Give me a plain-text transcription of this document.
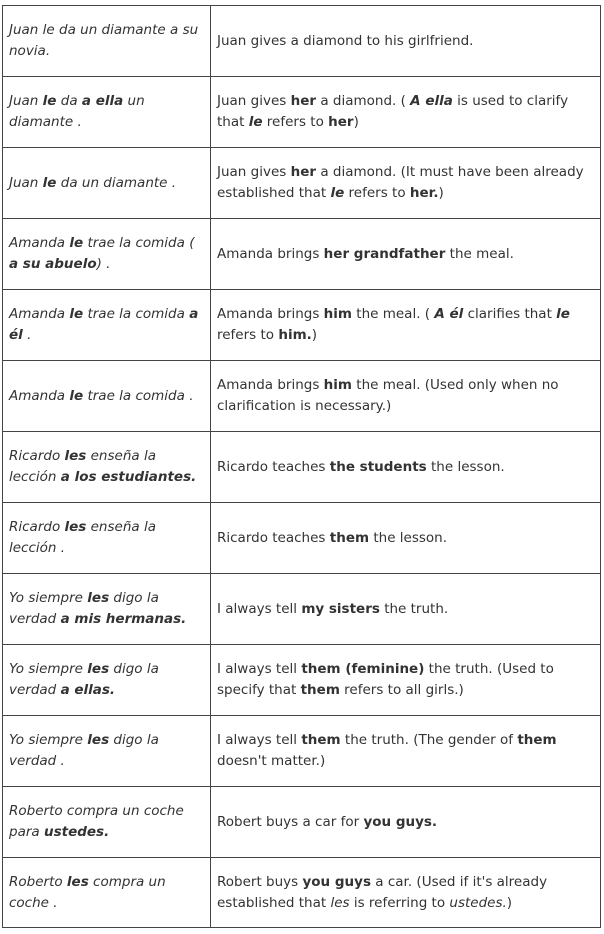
Juan le da un diamante a su novia.	Juan gives a diamond to his girlfriend.
Juan le da a ella un diamante .	Juan gives her a diamond. ( A ella is used to clarify that le refers to her)
Juan le da un diamante .	Juan gives her a diamond. (It must have been already established that le refers to her.)
Amanda le trae la comida ( a su abuelo) .	Amanda brings her grandfather the meal.
Amanda le trae la comida a él .	Amanda brings him the meal. ( A él clarifies that le refers to him.)
Amanda le trae la comida .	Amanda brings him the meal. (Used only when no clarification is necessary.)
Ricardo les enseña la lección a los estudiantes.	Ricardo teaches the students the lesson.
Ricardo les enseña la lección .	Ricardo teaches them the lesson.
Yo siempre les digo la verdad a mis hermanas.	I always tell my sisters the truth.
Yo siempre les digo la verdad a ellas.	I always tell them (feminine) the truth. (Used to specify that them refers to all girls.)
Yo siempre les digo la verdad .	I always tell them the truth. (The gender of them doesn't matter.)
Roberto compra un coche para ustedes.	Robert buys a car for you guys.
Roberto les compra un coche .	Robert buys you guys a car. (Used if it's already established that les is referring to ustedes.)
